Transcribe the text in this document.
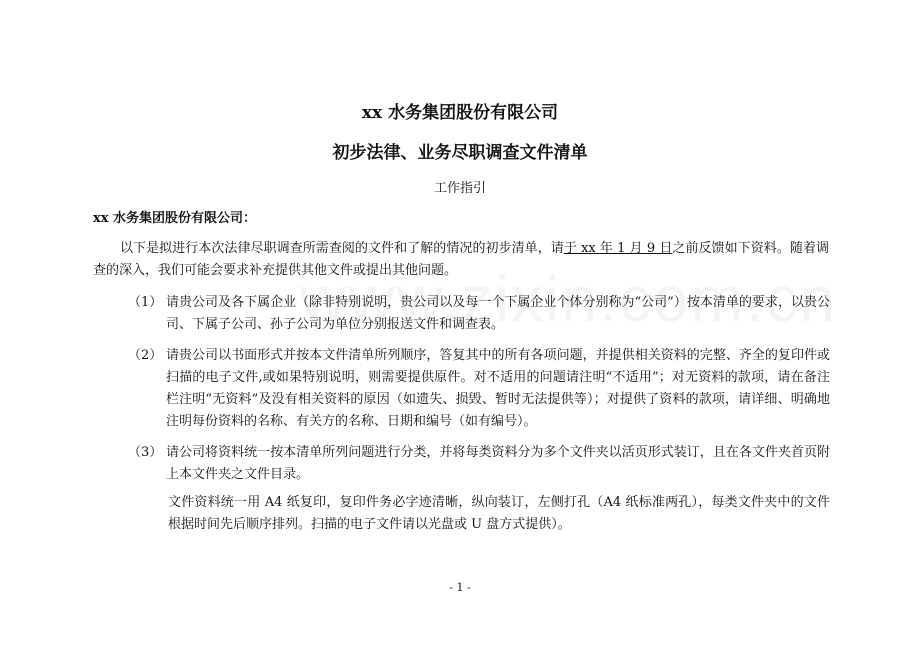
xx 水务集团股份有限公司
初步法律、业务尽职调查文件清单
工作指引
xx 水务集团股份有限公司：
以下是拟进行本次法律尽职调查所需查阅的文件和了解的情况的初步清单，请于 xx 年 1 月 9 日之前反馈如下资料。随着调查的深入，我们可能会要求补充提供其他文件或提出其他问题。
（1） 请贵公司及各下属企业（除非特别说明，贵公司以及每一个下属企业个体分别称为“公司”）按本清单的要求，以贵公司、下属子公司、孙子公司为单位分别报送文件和调查表。
（2） 请贵公司以书面形式并按本文件清单所列顺序，答复其中的所有各项问题，并提供相关资料的完整、齐全的复印件或扫描的电子文件,或如果特别说明，则需要提供原件。对不适用的问题请注明“不适用”；对无资料的款项，请在备注栏注明“无资料”及没有相关资料的原因（如遗失、损毁、暂时无法提供等）；对提供了资料的款项，请详细、明确地注明每份资料的名称、有关方的名称、日期和编号（如有编号）。
（3） 请公司将资料统一按本清单所列问题进行分类，并将每类资料分为多个文件夹以活页形式装订，且在各文件夹首页附上本文件夹之文件目录。
文件资料统一用 A4 纸复印，复印件务必字迹清晰，纵向装订，左侧打孔（A4 纸标准两孔），每类文件夹中的文件根据时间先后顺序排列。扫描的电子文件请以光盘或 U 盘方式提供）。
- 1 -
